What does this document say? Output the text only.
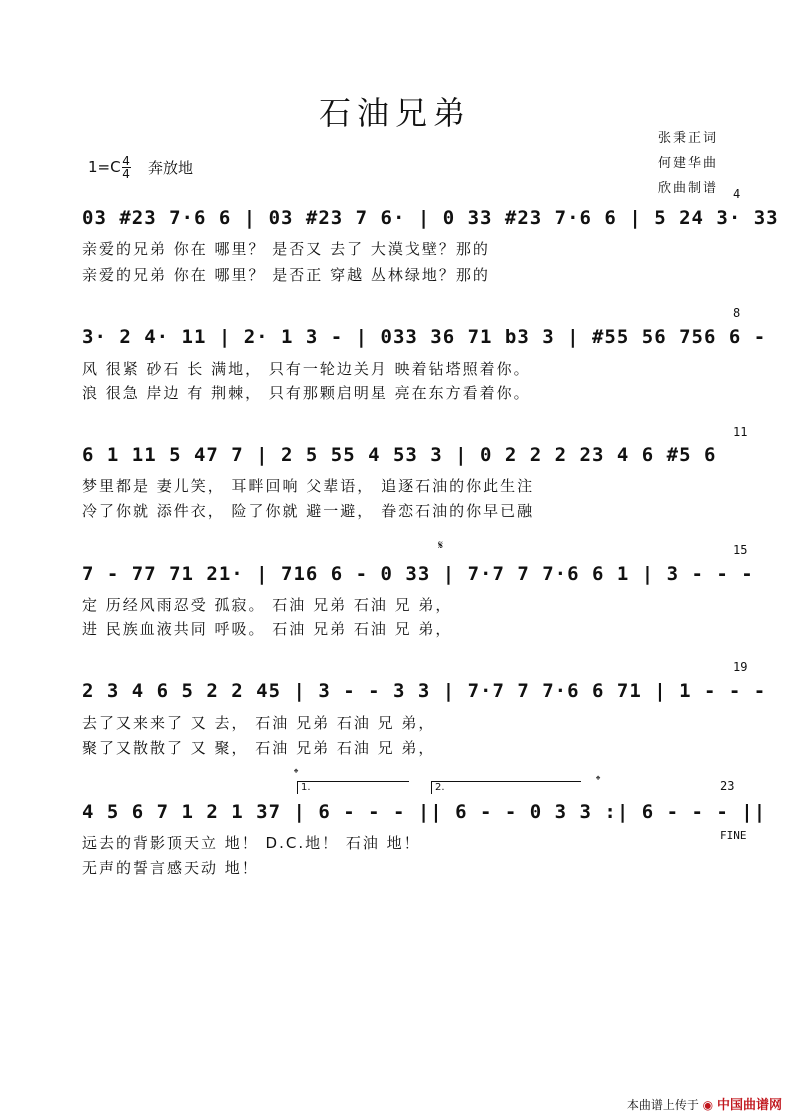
石油兄弟
张秉正词
何建华曲
欣曲制谱
$1=C\frac{4}{4}$ 奔放地
4
8
11
15
19
23
03 #23 7·6 6 | 03 #23 7 6· | 0 33 #23 7·6 6 | 5 24 3· 33
亲爱的兄弟 你在 哪里？ 是否又 去了 大漠戈壁？那的
亲爱的兄弟 你在 哪里？ 是否正 穿越 丛林绿地？那的
3· 2 4· 11 | 2· 1 3 - | 033 36 71 b3 3 | #55 56 756 6 -
风 很紧 砂石 长 满地， 只有一轮边关月 映着钻塔照着你。
浪 很急 岸边 有 荆棘， 只有那颗启明星 亮在东方看着你。
6 1 11 5 47 7 | 2 5 55 4 53 3 | 0 2 2 2 23 4 6 #5 6
梦里都是 妻儿笑， 耳畔回响 父辈语， 追逐石油的你此生注
冷了你就 添件衣， 险了你就 避一避， 眷恋石油的你早已融
𝄋
7 - 77 71 21· | 716 6 - 0 33 | 7·7 7 7·6 6 1 | 3 - - -
定 历经风雨忍受 孤寂。 石油 兄弟 石油 兄 弟，
进 民族血液共同 呼吸。 石油 兄弟 石油 兄 弟，
2 3 4 6 5 2 2 45 | 3 - - 3 3 | 7·7 7 7·6 6 71 | 1 - - -
去了又来来了 又 去， 石油 兄弟 石油 兄 弟，
聚了又散散了 又 聚， 石油 兄弟 石油 兄 弟，
𝄌	𝄌
1.	2.
4 5 6 7 1 2 1 37 | 6 - - - || 6 - - 0 3 3 :| 6 - - - ||
远去的背影顶天立 地！ D.C.地！ 石油 地！
无声的誓言感天动 地！
FINE
本曲谱上传于 ◉ 中国曲谱网
